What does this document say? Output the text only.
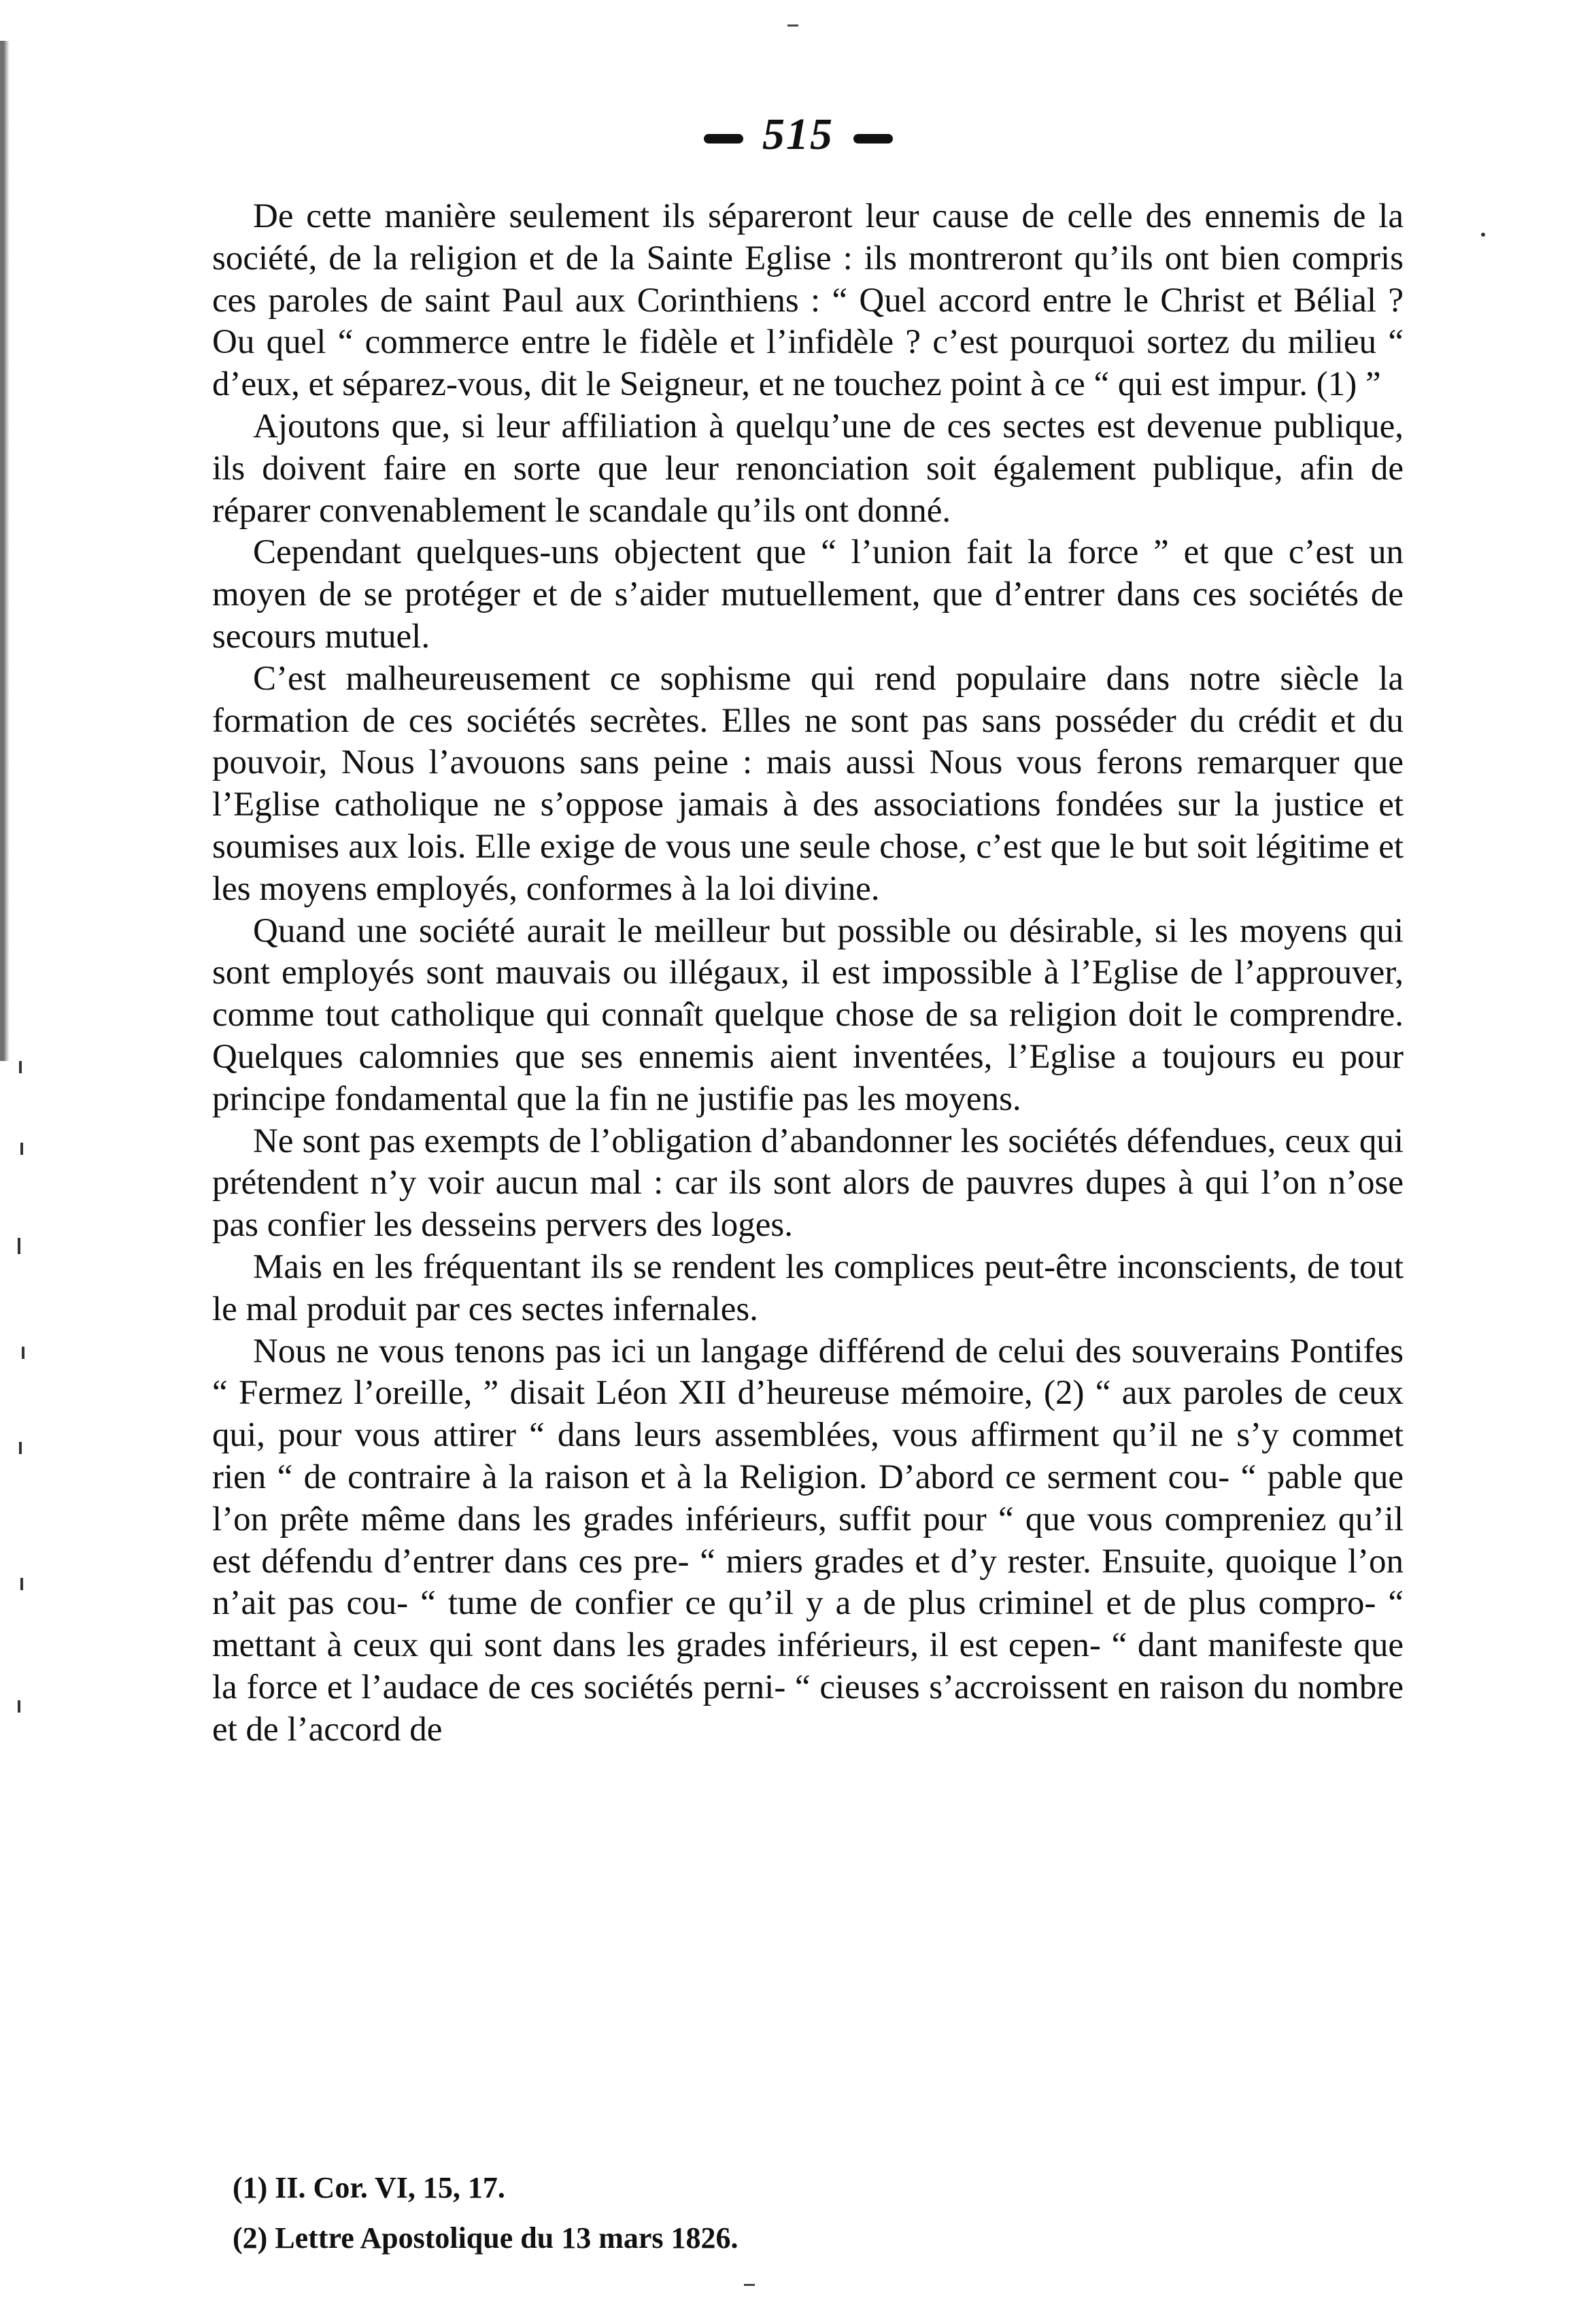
515

De cette manière seulement ils sépareront leur cause de celle des ennemis de la société, de la religion et de la Sainte Eglise : ils montreront qu’ils ont bien compris ces paroles de saint Paul aux Corinthiens : “ Quel accord entre le Christ et Bélial ? Ou quel “ commerce entre le fidèle et l’infidèle ? c’est pourquoi sortez du milieu “ d’eux, et séparez-vous, dit le Seigneur, et ne touchez point à ce “ qui est impur. (1) ”

Ajoutons que, si leur affiliation à quelqu’une de ces sectes est devenue publique, ils doivent faire en sorte que leur renonciation soit également publique, afin de réparer convenablement le scandale qu’ils ont donné.

Cependant quelques-uns objectent que “ l’union fait la force ” et que c’est un moyen de se protéger et de s’aider mutuellement, que d’entrer dans ces sociétés de secours mutuel.

C’est malheureusement ce sophisme qui rend populaire dans notre siècle la formation de ces sociétés secrètes. Elles ne sont pas sans posséder du crédit et du pouvoir, Nous l’avouons sans peine : mais aussi Nous vous ferons remarquer que l’Eglise catholique ne s’oppose jamais à des associations fondées sur la justice et soumises aux lois. Elle exige de vous une seule chose, c’est que le but soit légitime et les moyens employés, conformes à la loi divine.

Quand une société aurait le meilleur but possible ou désirable, si les moyens qui sont employés sont mauvais ou illégaux, il est impossible à l’Eglise de l’approuver, comme tout catholique qui connaît quelque chose de sa religion doit le comprendre. Quelques calomnies que ses ennemis aient inventées, l’Eglise a toujours eu pour principe fondamental que la fin ne justifie pas les moyens.

Ne sont pas exempts de l’obligation d’abandonner les sociétés défendues, ceux qui prétendent n’y voir aucun mal : car ils sont alors de pauvres dupes à qui l’on n’ose pas confier les desseins pervers des loges.

Mais en les fréquentant ils se rendent les complices peut-être inconscients, de tout le mal produit par ces sectes infernales.

Nous ne vous tenons pas ici un langage différend de celui des souverains Pontifes “ Fermez l’oreille, ” disait Léon XII d’heureuse mémoire, (2) “ aux paroles de ceux qui, pour vous attirer “ dans leurs assemblées, vous affirment qu’il ne s’y commet rien “ de contraire à la raison et à la Religion. D’abord ce serment cou- “ pable que l’on prête même dans les grades inférieurs, suffit pour “ que vous compreniez qu’il est défendu d’entrer dans ces pre- “ miers grades et d’y rester. Ensuite, quoique l’on n’ait pas cou- “ tume de confier ce qu’il y a de plus criminel et de plus compro- “ mettant à ceux qui sont dans les grades inférieurs, il est cepen- “ dant manifeste que la force et l’audace de ces sociétés perni- “ cieuses s’accroissent en raison du nombre et de l’accord de

(1) II. Cor. VI, 15, 17.

(2) Lettre Apostolique du 13 mars 1826.
